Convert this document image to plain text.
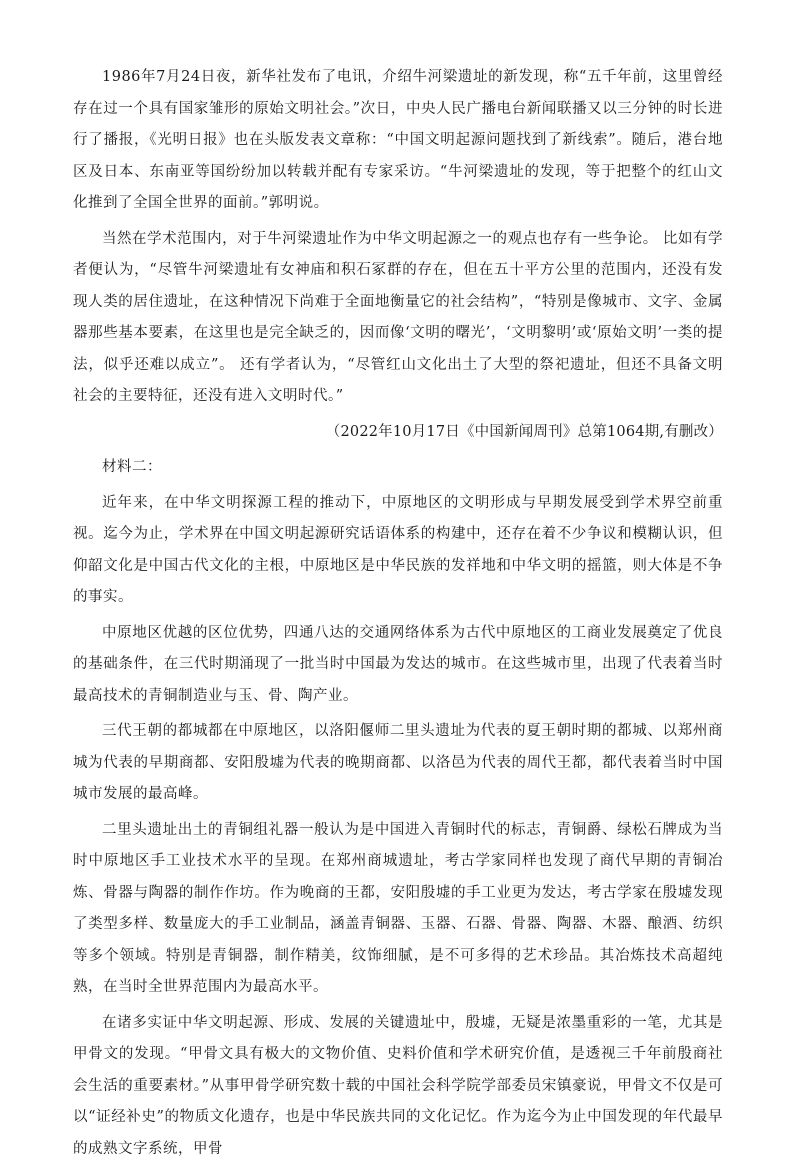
1986年7月24日夜，新华社发布了电讯，介绍牛河梁遗址的新发现，称“五千年前，这里曾经存在过一个具有国家雏形的原始文明社会。”次日，中央人民广播电台新闻联播又以三分钟的时长进行了播报，《光明日报》也在头版发表文章称：“中国文明起源问题找到了新线索”。随后，港台地区及日本、东南亚等国纷纷加以转载并配有专家采访。“牛河梁遗址的发现，等于把整个的红山文化推到了全国全世界的面前。”郭明说。

当然在学术范围内，对于牛河梁遗址作为中华文明起源之一的观点也存有一些争论。 比如有学者便认为，“尽管牛河梁遗址有女神庙和积石冢群的存在，但在五十平方公里的范围内，还没有发现人类的居住遗址，在这种情况下尚难于全面地衡量它的社会结构”，“特别是像城市、文字、金属器那些基本要素，在这里也是完全缺乏的，因而像‘文明的曙光’，‘文明黎明’或‘原始文明’一类的提法，似乎还难以成立”。 还有学者认为，“尽管红山文化出土了大型的祭祀遗址，但还不具备文明社会的主要特征，还没有进入文明时代。”

（2022年10月17日《中国新闻周刊》总第1064期,有删改）

材料二：

近年来，在中华文明探源工程的推动下，中原地区的文明形成与早期发展受到学术界空前重视。迄今为止，学术界在中国文明起源研究话语体系的构建中，还存在着不少争议和模糊认识，但仰韶文化是中国古代文化的主根，中原地区是中华民族的发祥地和中华文明的摇篮，则大体是不争的事实。

中原地区优越的区位优势，四通八达的交通网络体系为古代中原地区的工商业发展奠定了优良的基础条件，在三代时期涌现了一批当时中国最为发达的城市。在这些城市里，出现了代表着当时最高技术的青铜制造业与玉、骨、陶产业。

三代王朝的都城都在中原地区，以洛阳偃师二里头遗址为代表的夏王朝时期的都城、以郑州商城为代表的早期商都、安阳殷墟为代表的晚期商都、以洛邑为代表的周代王都，都代表着当时中国城市发展的最高峰。

二里头遗址出土的青铜组礼器一般认为是中国进入青铜时代的标志，青铜爵、绿松石牌成为当时中原地区手工业技术水平的呈现。在郑州商城遗址，考古学家同样也发现了商代早期的青铜冶炼、骨器与陶器的制作作坊。作为晚商的王都，安阳殷墟的手工业更为发达，考古学家在殷墟发现了类型多样、数量庞大的手工业制品，涵盖青铜器、玉器、石器、骨器、陶器、木器、酿酒、纺织等多个领域。特别是青铜器，制作精美，纹饰细腻，是不可多得的艺术珍品。其冶炼技术高超纯熟，在当时全世界范围内为最高水平。

在诸多实证中华文明起源、形成、发展的关键遗址中，殷墟，无疑是浓墨重彩的一笔，尤其是甲骨文的发现。“甲骨文具有极大的文物价值、史料价值和学术研究价值，是透视三千年前殷商社会生活的重要素材。”从事甲骨学研究数十载的中国社会科学院学部委员宋镇豪说，甲骨文不仅是可以“证经补史”的物质文化遗存，也是中华民族共同的文化记忆。作为迄今为止中国发现的年代最早的成熟文字系统，甲骨
